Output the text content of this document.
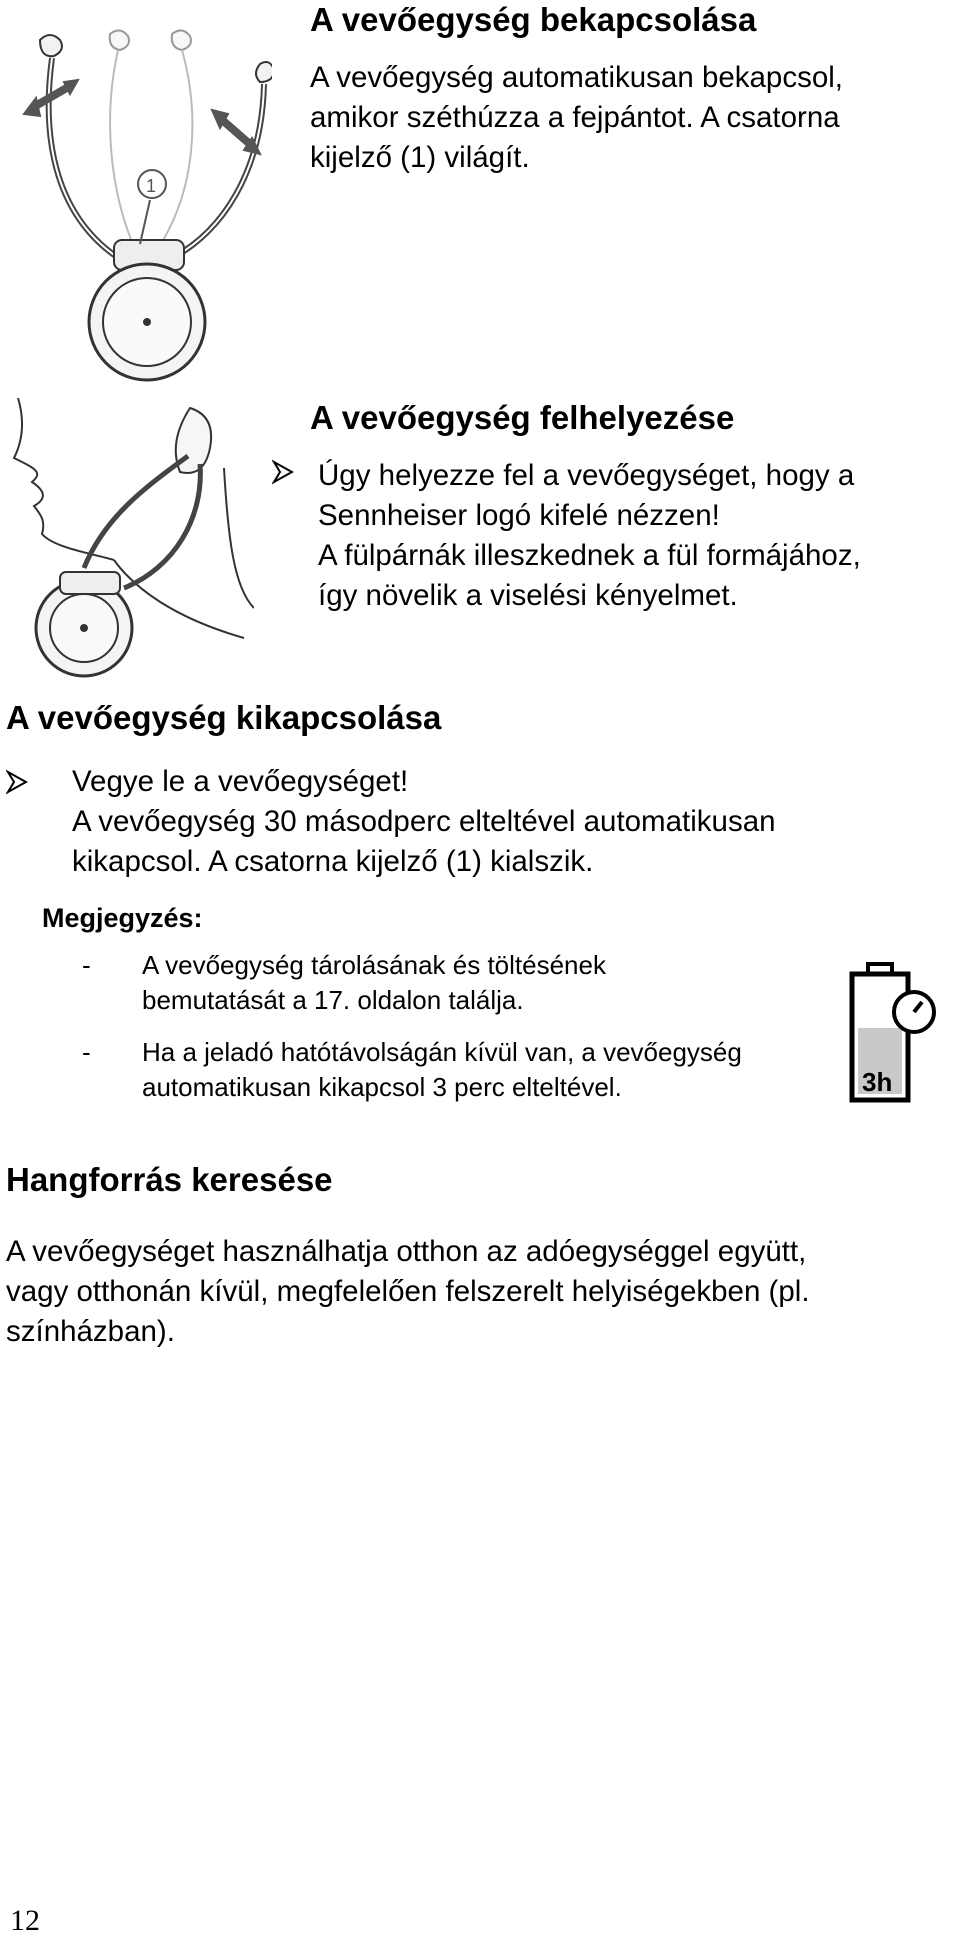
1
A vevőegység bekapcsolása
A vevőegység automatikusan bekapcsol,
amikor széthúzza a fejpántot. A csatorna
kijelző (1) világít.
A vevőegység felhelyezése
Úgy helyezze fel a vevőegységet, hogy a
Sennheiser logó kifelé nézzen!
A fülpárnák illeszkednek a fül formájához,
így növelik a viselési kényelmet.
A vevőegység kikapcsolása
Vegye le a vevőegységet!
A vevőegység 30 másodperc elteltével automatikusan
kikapcsol. A csatorna kijelző (1) kialszik.
Megjegyzés:
- A vevőegység tárolásának és töltésének
bemutatását a 17. oldalon találja.
- Ha a jeladó hatótávolságán kívül van, a vevőegység
automatikusan kikapcsol 3 perc elteltével.	3h
Hangforrás keresése
A vevőegységet használhatja otthon az adóegységgel együtt,
vagy otthonán kívül, megfelelően felszerelt helyiségekben (pl.
színházban).
12
